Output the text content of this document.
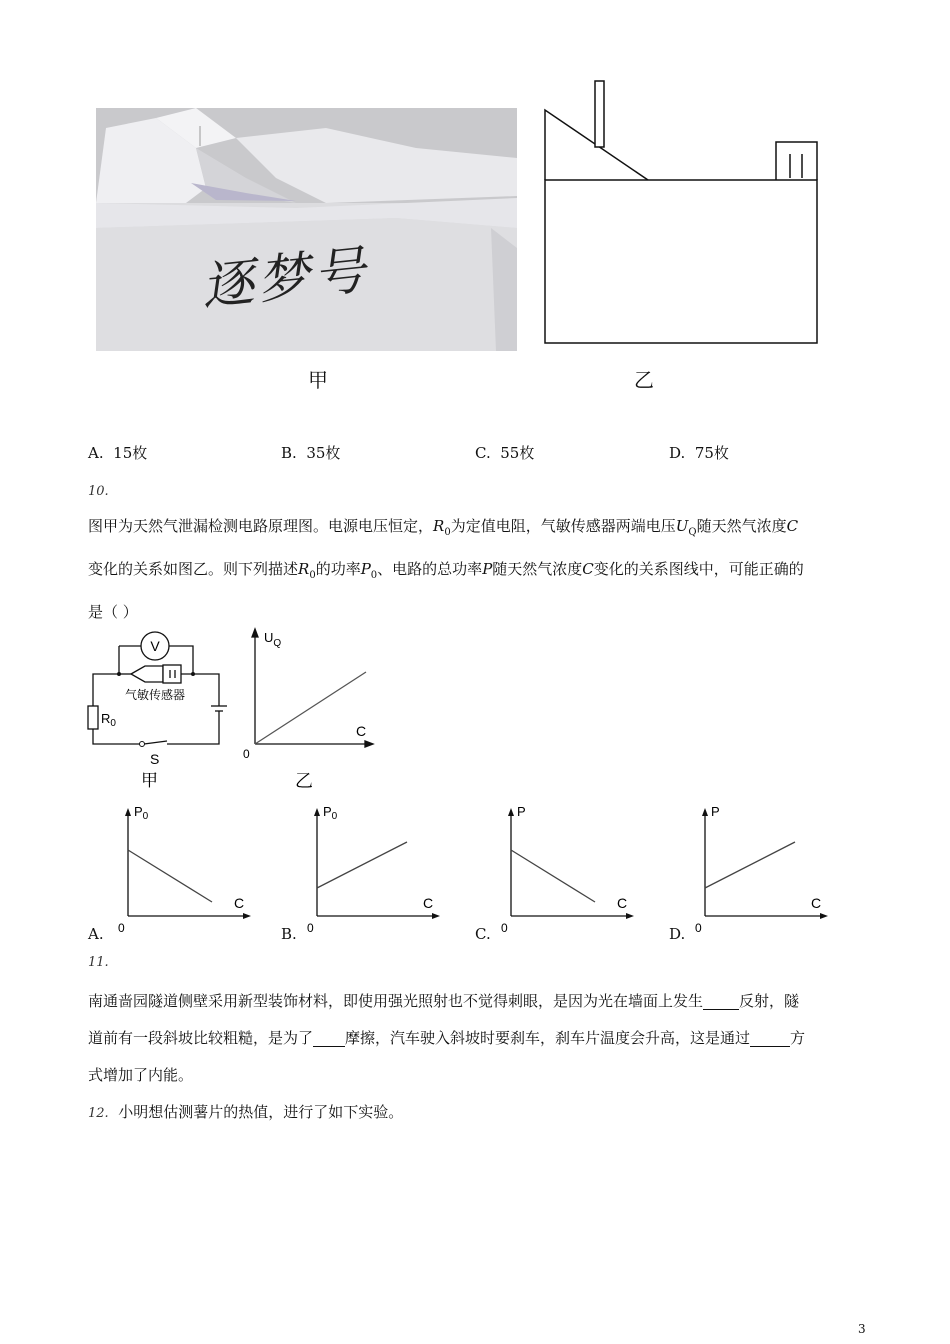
逐梦号
甲	乙
A. 15枚	B. 35枚	C. 55枚	D. 75枚
10.
图甲为天然气泄漏检测电路原理图。电源电压恒定，$R_0$为定值电阻，气敏传感器两端电压$U_Q$随天然气浓度C
变化的关系如图乙。则下列描述$R_0$的功率$P_0$、电路的总功率P随天然气浓度C变化的关系图线中，可能正确的
是（ ）
V
气敏传感器
$R_0$
S
甲
$U_Q$
C
0
乙
A.
$P_0$
C
0	B.
$P_0$
C
0	C.
P
C
0	D.
P
C
0
11.
南通啬园隧道侧壁采用新型装饰材料，即使用强光照射也不觉得刺眼，是因为光在墙面上发生 反射，隧
道前有一段斜坡比较粗糙，是为了 摩擦，汽车驶入斜坡时要刹车，刹车片温度会升高，这是通过	方
式增加了内能。
12. 小明想估测薯片的热值，进行了如下实验。
3
